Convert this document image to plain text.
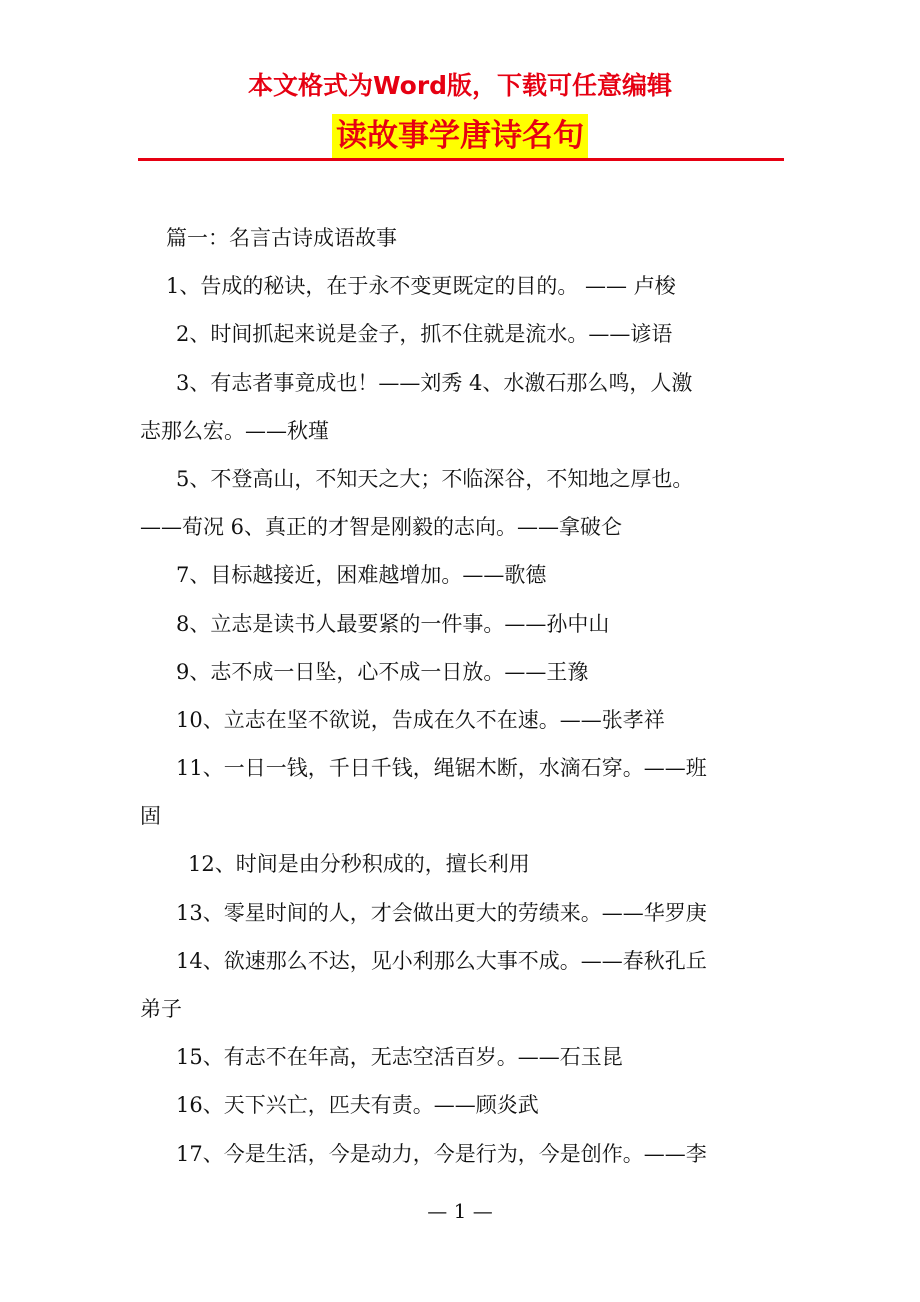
本文格式为Word版，下载可任意编辑
读故事学唐诗名句
篇一：名言古诗成语故事
1、告成的秘诀，在于永不变更既定的目的。 —— 卢梭
2、时间抓起来说是金子，抓不住就是流水。——谚语
3、有志者事竟成也！——刘秀 4、水激石那么鸣，人激
志那么宏。——秋瑾
5、不登高山，不知天之大；不临深谷，不知地之厚也。
——荀况 6、真正的才智是刚毅的志向。——拿破仑
7、目标越接近，困难越增加。——歌德
8、立志是读书人最要紧的一件事。——孙中山
9、志不成一日坠，心不成一日放。——王豫
10、立志在坚不欲说，告成在久不在速。——张孝祥
11、一日一钱，千日千钱，绳锯木断，水滴石穿。——班
固
12、时间是由分秒积成的，擅长利用
13、零星时间的人，才会做出更大的劳绩来。——华罗庚
14、欲速那么不达，见小利那么大事不成。——春秋孔丘
弟子
15、有志不在年高，无志空活百岁。——石玉昆
16、天下兴亡，匹夫有责。——顾炎武
17、今是生活，今是动力，今是行为，今是创作。——李
— 1 —
